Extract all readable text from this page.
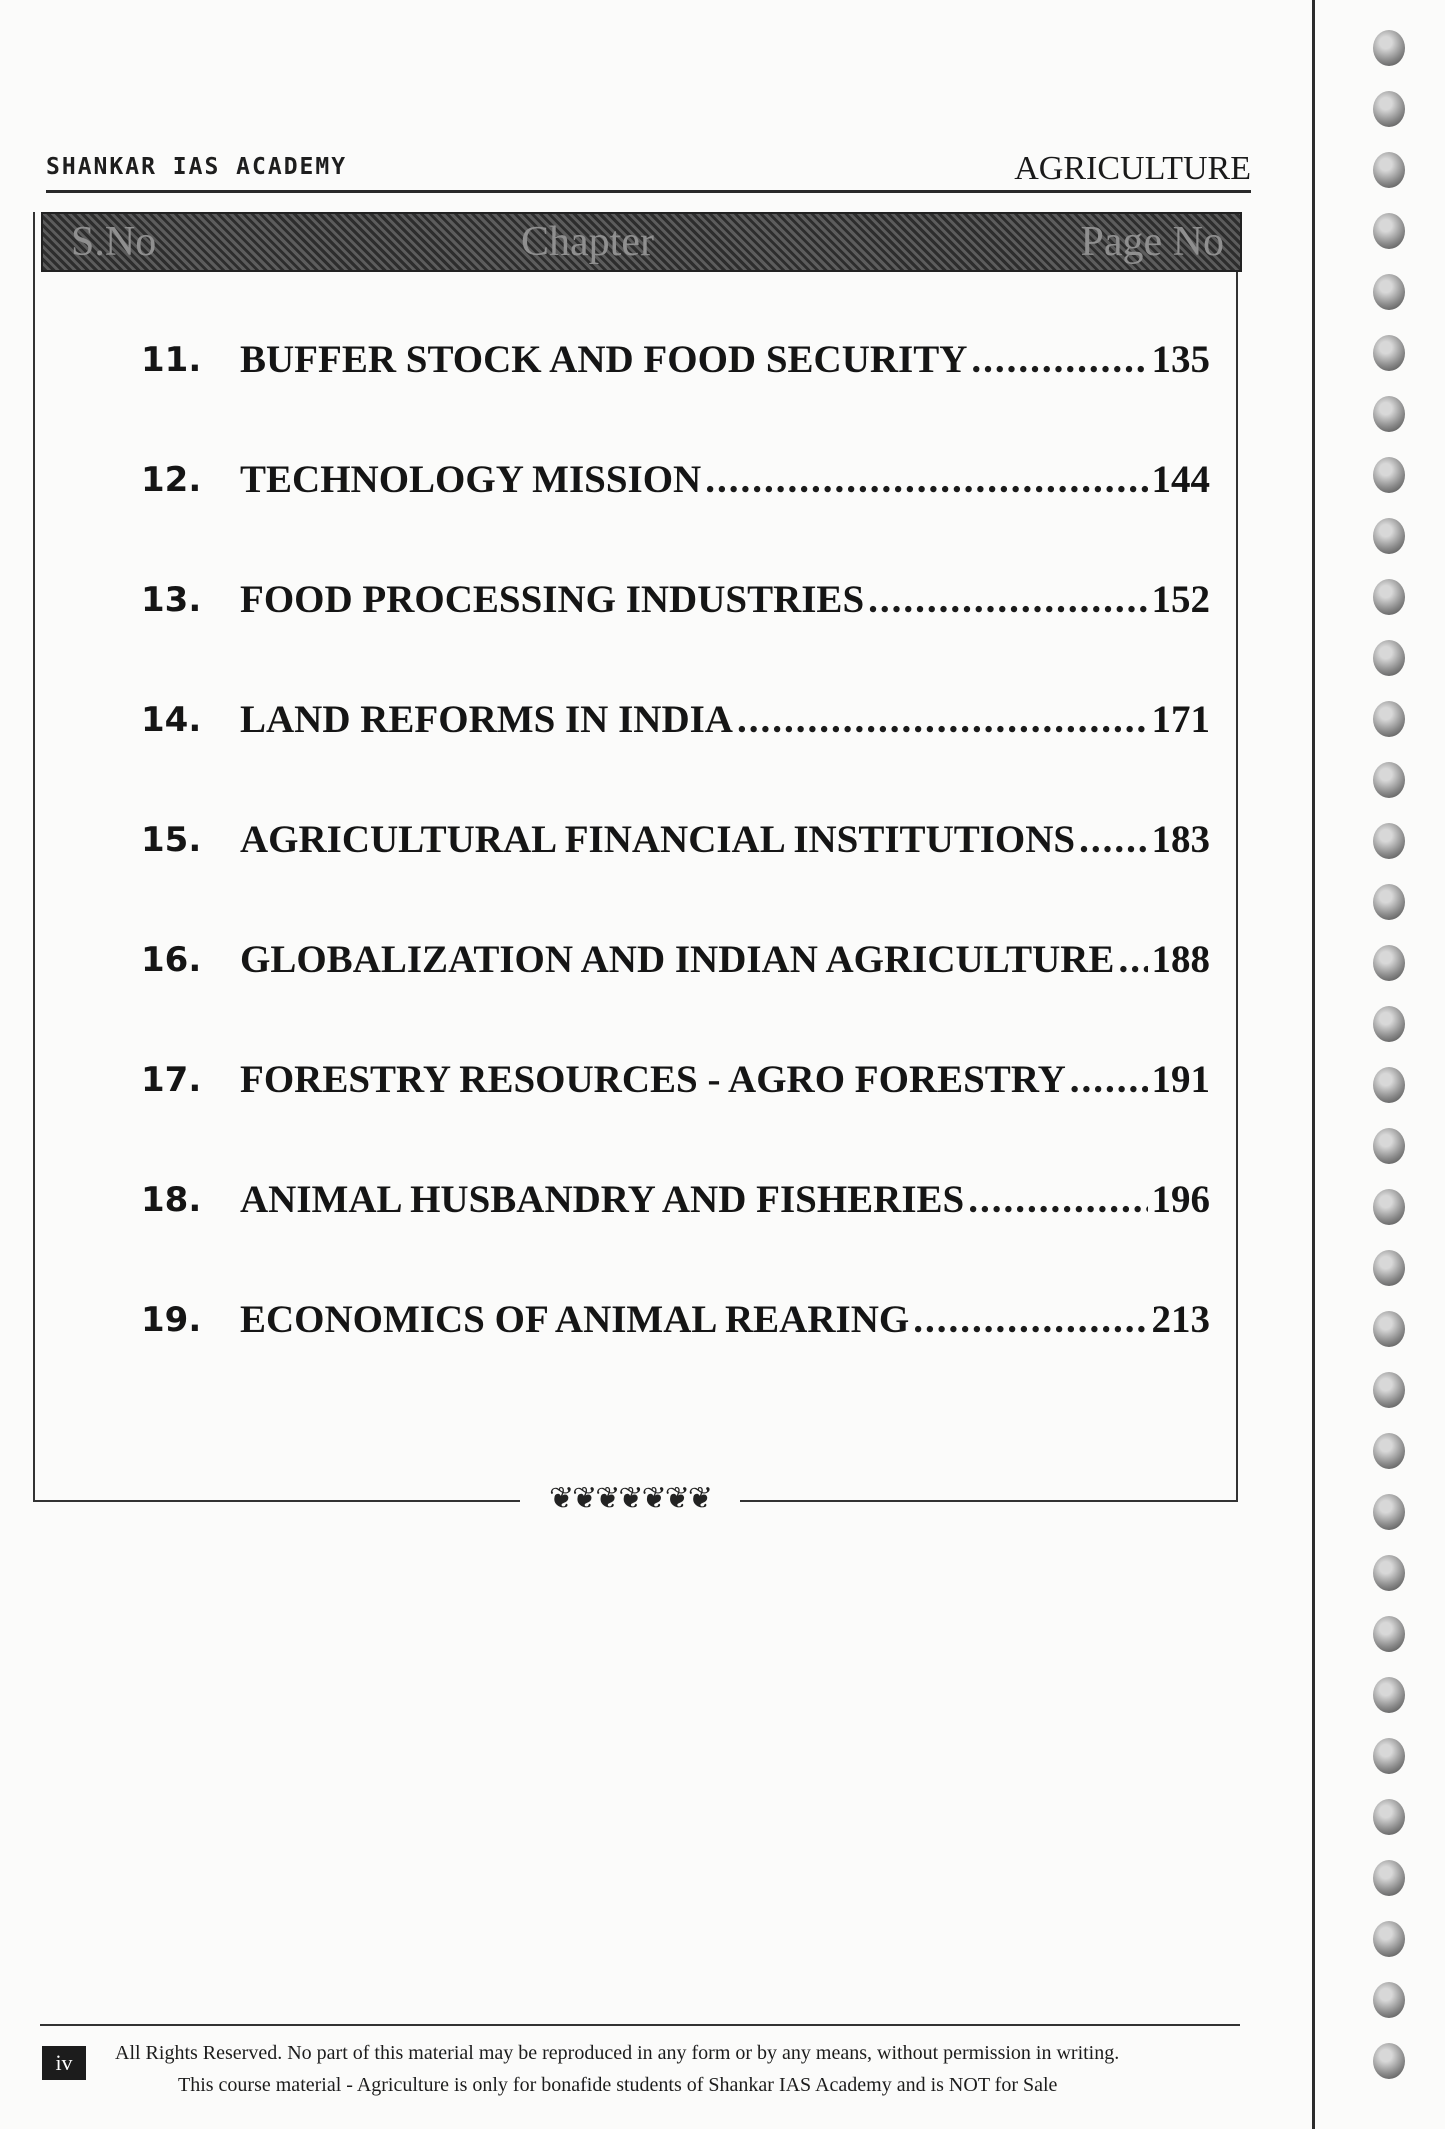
SHANKAR IAS ACADEMY	AGRICULTURE
S.No	Chapter	Page No
11. BUFFER STOCK AND FOOD SECURITY .....	135
12. TECHNOLOGY MISSION .....	144
13. FOOD PROCESSING INDUSTRIES .....	152
14. LAND REFORMS IN INDIA .....	171
15. AGRICULTURAL FINANCIAL INSTITUTIONS ..... 183
16. GLOBALIZATION AND INDIAN AGRICULTURE ..... 188
17. FORESTRY RESOURCES - AGRO FORESTRY ..... 191
18. ANIMAL HUSBANDRY AND FISHERIES .....	196
19. ECONOMICS OF ANIMAL REARING .....	213
❦❦❦❦❦❦❦
iv	All Rights Reserved. No part of this material may be reproduced in any form or by any means, without permission in writing.
This course material - Agriculture is only for bonafide students of Shankar IAS Academy and is NOT for Sale
